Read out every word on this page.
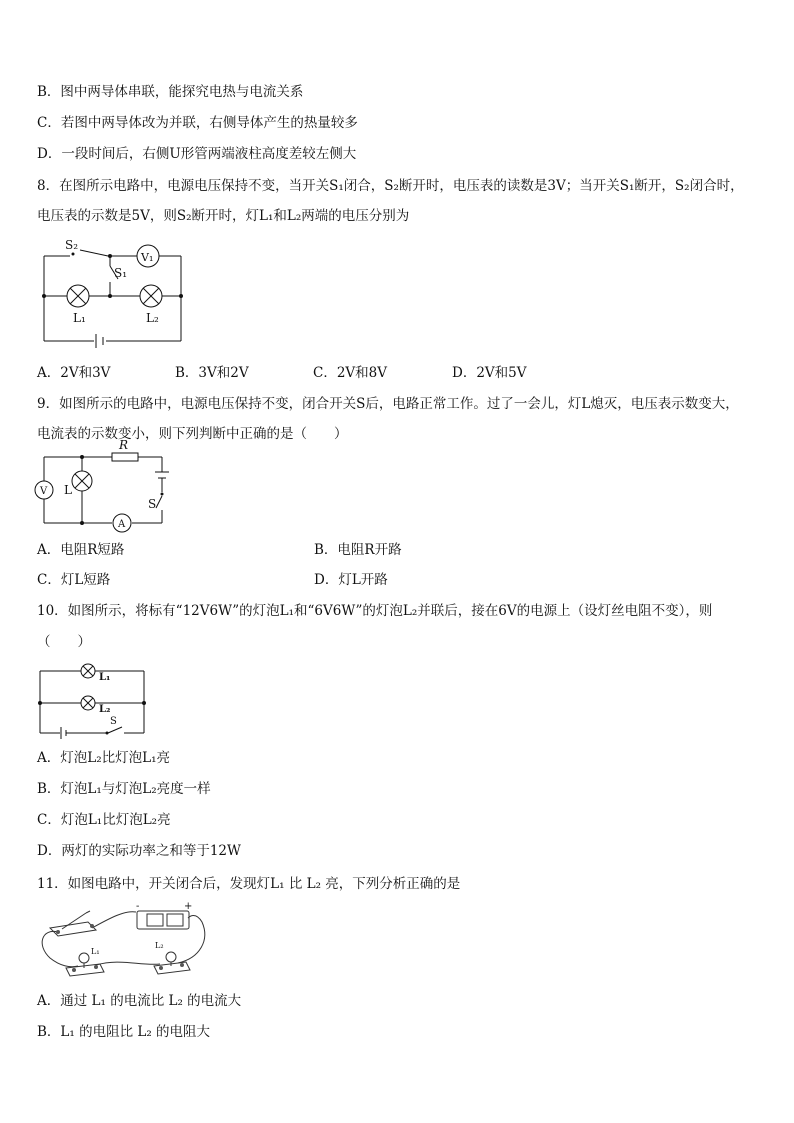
B．图中两导体串联，能探究电热与电流关系
C．若图中两导体改为并联，右侧导体产生的热量较多
D．一段时间后，右侧U形管两端液柱高度差较左侧大
8．在图所示电路中，电源电压保持不变，当开关S₁闭合，S₂断开时，电压表的读数是3V；当开关S₁断开，S₂闭合时，
电压表的示数是5V，则S₂断开时，灯L₁和L₂两端的电压分别为
S₂
S₁
V₁
L₁	L₂
A．2V和3V	B．3V和2V	C．2V和8V	D．2V和5V
9．如图所示的电路中，电源电压保持不变，闭合开关S后，电路正常工作。过了一会儿，灯L熄灭，电压表示数变大，
电流表的示数变小，则下列判断中正确的是（　　）
V L
R
S
A
A．电阻R短路	B．电阻R开路
C．灯L短路	D．灯L开路
10．如图所示，将标有“12V6W”的灯泡L₁和“6V6W”的灯泡L₂并联后，接在6V的电源上（设灯丝电阻不变），则
（　　）
L₁
L₂
S
A．灯泡L₂比灯泡L₁亮
B．灯泡L₁与灯泡L₂亮度一样
C．灯泡L₁比灯泡L₂亮
D．两灯的实际功率之和等于12W
11．如图电路中，开关闭合后，发现灯L₁ 比 L₂ 亮，下列分析正确的是
-	+
L₁
L₂
A．通过 L₁ 的电流比 L₂ 的电流大
B．L₁ 的电阻比 L₂ 的电阻大
